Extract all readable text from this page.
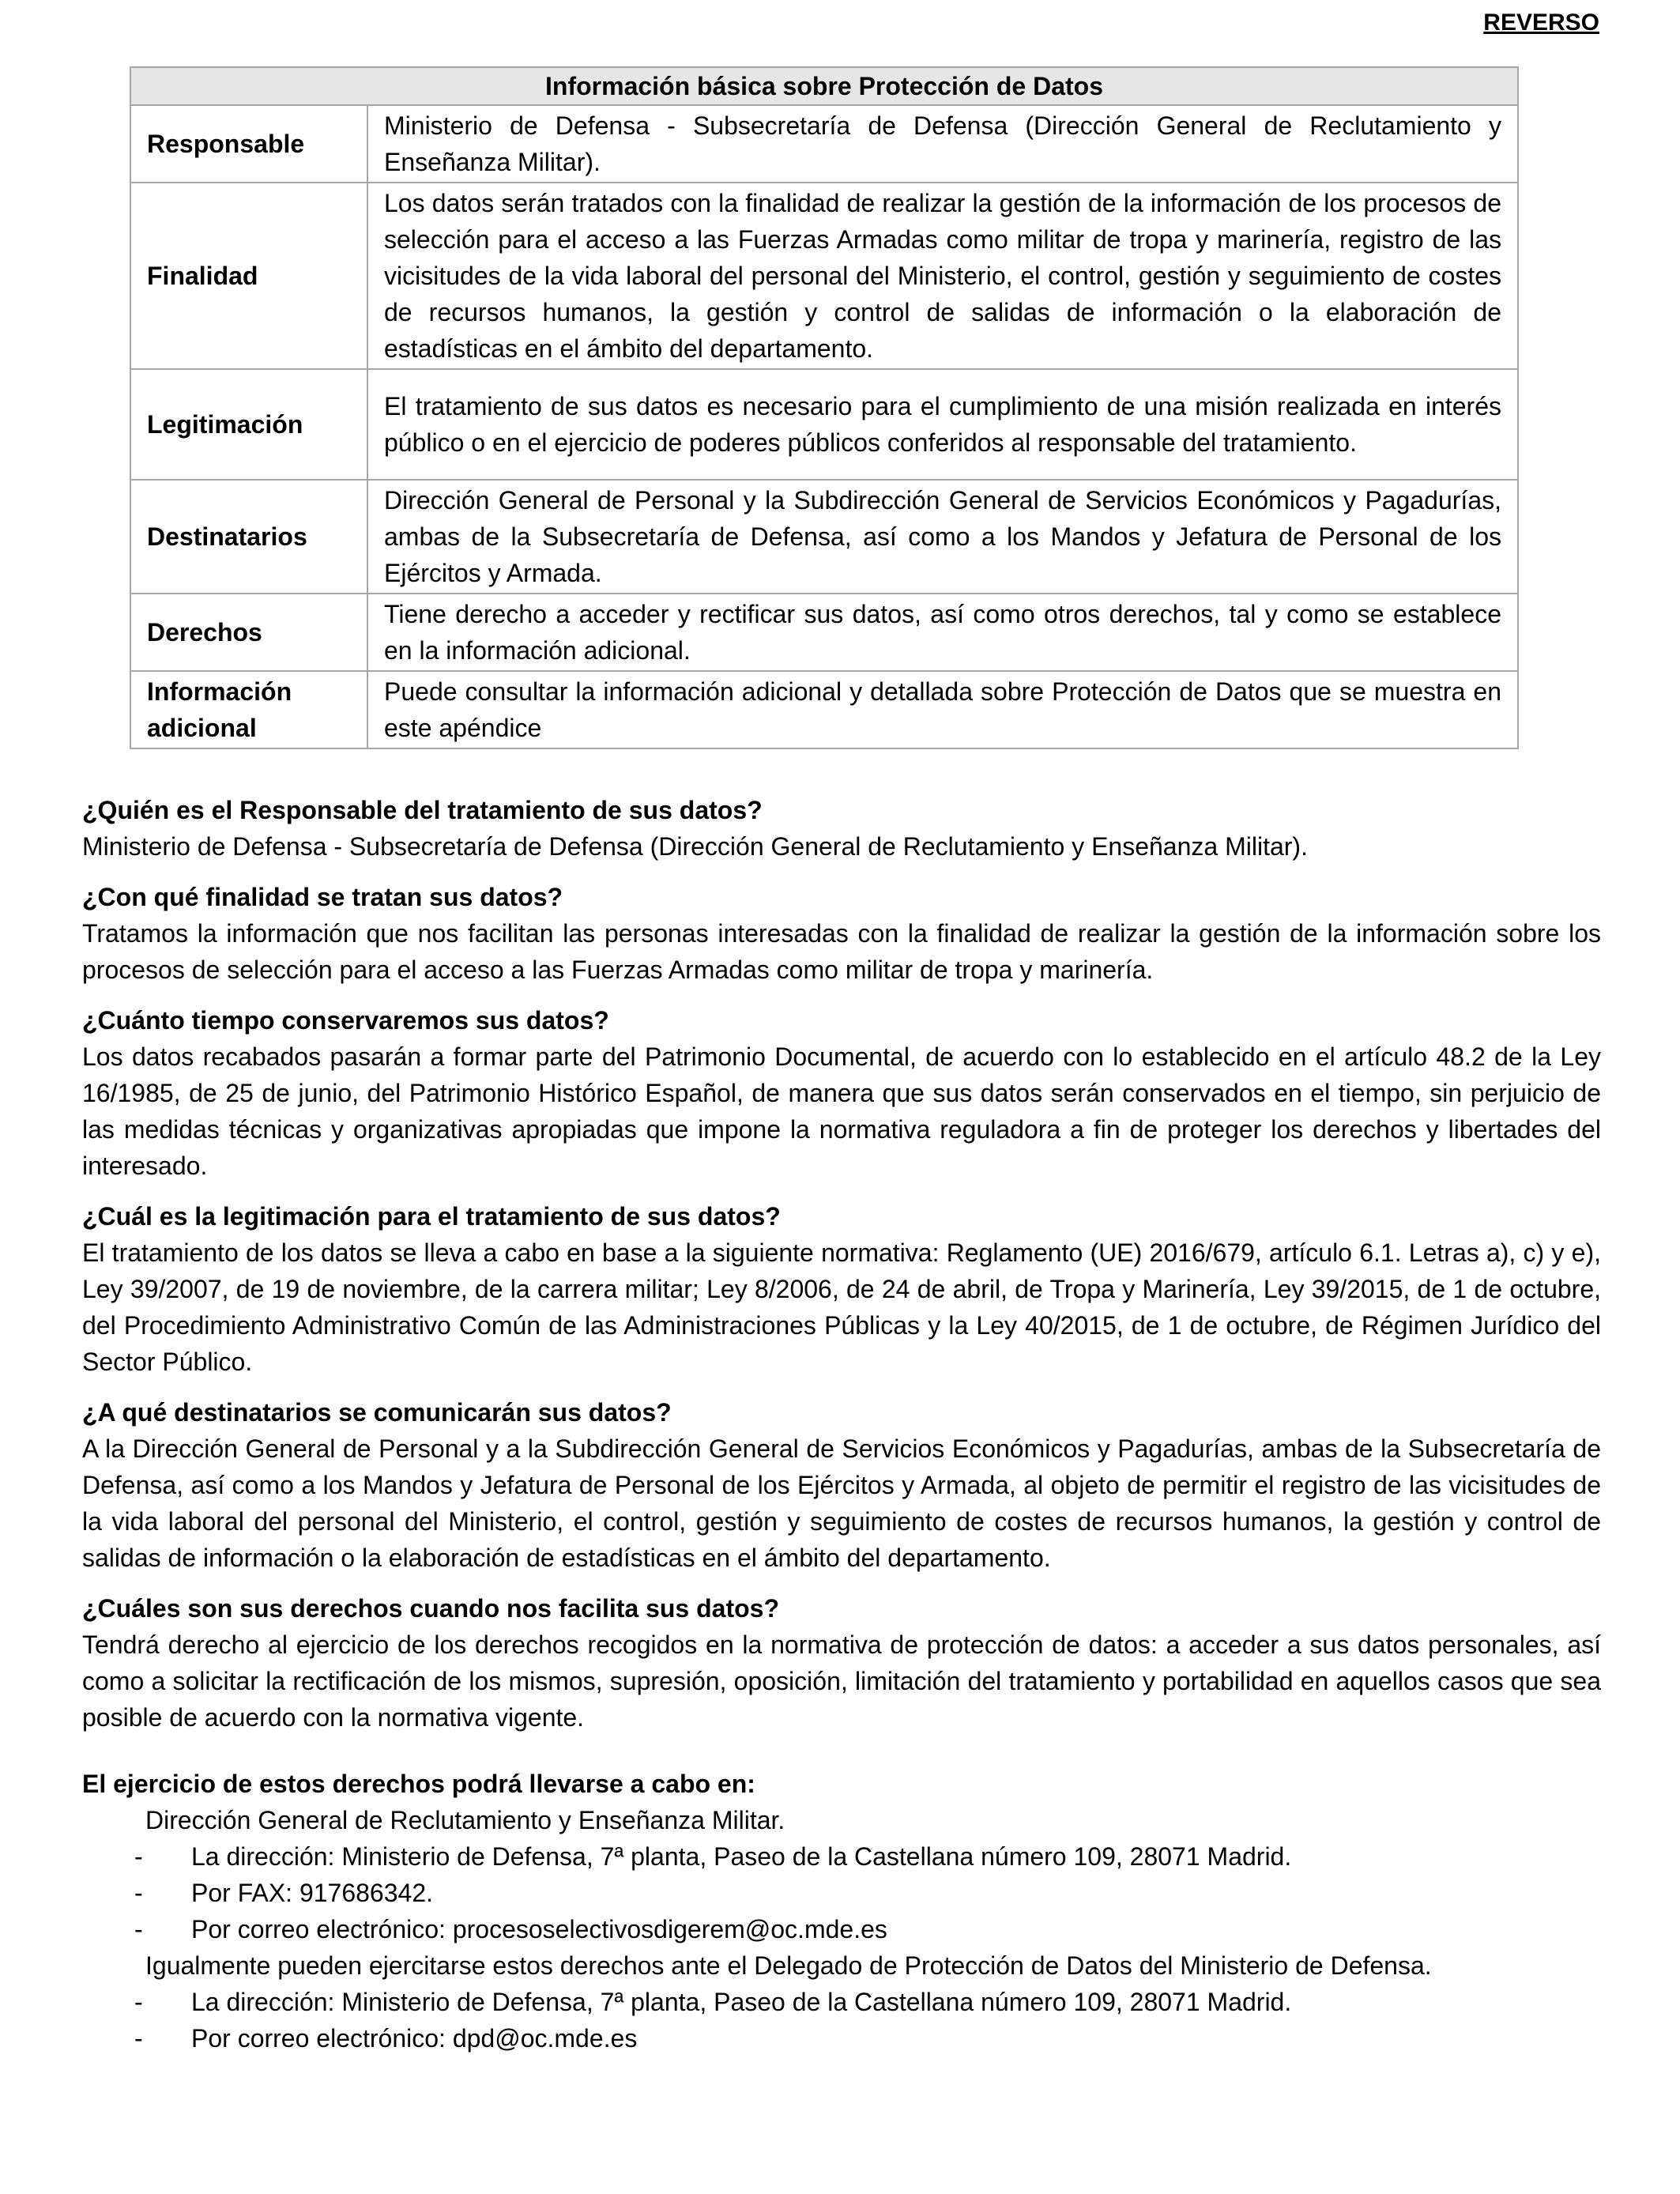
REVERSO
Información básica sobre Protección de Datos	
Responsable	Ministerio de Defensa - Subsecretaría de Defensa (Dirección General de Reclutamiento y Enseñanza Militar).
Finalidad	Los datos serán tratados con la finalidad de realizar la gestión de la información de los procesos de selección para el acceso a las Fuerzas Armadas como militar de tropa y marinería, registro de las vicisitudes de la vida laboral del personal del Ministerio, el control, gestión y seguimiento de costes de recursos humanos, la gestión y control de salidas de información o la elaboración de estadísticas en el ámbito del departamento.
Legitimación	El tratamiento de sus datos es necesario para el cumplimiento de una misión realizada en interés público o en el ejercicio de poderes públicos conferidos al responsable del tratamiento.
Destinatarios	Dirección General de Personal y la Subdirección General de Servicios Económicos y Pagadurías, ambas de la Subsecretaría de Defensa, así como a los Mandos y Jefatura de Personal de los Ejércitos y Armada.
Derechos	Tiene derecho a acceder y rectificar sus datos, así como otros derechos, tal y como se establece en la información adicional.
Información adicional	Puede consultar la información adicional y detallada sobre Protección de Datos que se muestra en este apéndice
¿Quién es el Responsable del tratamiento de sus datos?

Ministerio de Defensa - Subsecretaría de Defensa (Dirección General de Reclutamiento y Enseñanza Militar).

¿Con qué finalidad se tratan sus datos?

Tratamos la información que nos facilitan las personas interesadas con la finalidad de realizar la gestión de la información sobre los procesos de selección para el acceso a las Fuerzas Armadas como militar de tropa y marinería.

¿Cuánto tiempo conservaremos sus datos?

Los datos recabados pasarán a formar parte del Patrimonio Documental, de acuerdo con lo establecido en el artículo 48.2 de la Ley 16/1985, de 25 de junio, del Patrimonio Histórico Español, de manera que sus datos serán conservados en el tiempo, sin perjuicio de las medidas técnicas y organizativas apropiadas que impone la normativa reguladora a fin de proteger los derechos y libertades del interesado.

¿Cuál es la legitimación para el tratamiento de sus datos?

El tratamiento de los datos se lleva a cabo en base a la siguiente normativa: Reglamento (UE) 2016/679, artículo 6.1. Letras a), c) y e), Ley 39/2007, de 19 de noviembre, de la carrera militar; Ley 8/2006, de 24 de abril, de Tropa y Marinería, Ley 39/2015, de 1 de octubre, del Procedimiento Administrativo Común de las Administraciones Públicas y la Ley 40/2015, de 1 de octubre, de Régimen Jurídico del Sector Público.

¿A qué destinatarios se comunicarán sus datos?

A la Dirección General de Personal y a la Subdirección General de Servicios Económicos y Pagadurías, ambas de la Subsecretaría de Defensa, así como a los Mandos y Jefatura de Personal de los Ejércitos y Armada, al objeto de permitir el registro de las vicisitudes de la vida laboral del personal del Ministerio, el control, gestión y seguimiento de costes de recursos humanos, la gestión y control de salidas de información o la elaboración de estadísticas en el ámbito del departamento.

¿Cuáles son sus derechos cuando nos facilita sus datos?

Tendrá derecho al ejercicio de los derechos recogidos en la normativa de protección de datos: a acceder a sus datos personales, así como a solicitar la rectificación de los mismos, supresión, oposición, limitación del tratamiento y portabilidad en aquellos casos que sea posible de acuerdo con la normativa vigente.

El ejercicio de estos derechos podrá llevarse a cabo en:

Dirección General de Reclutamiento y Enseñanza Militar.

- La dirección: Ministerio de Defensa, 7ª planta, Paseo de la Castellana número 109, 28071 Madrid.
- Por FAX: 917686342.
- Por correo electrónico: procesoselectivosdigerem@oc.mde.es

Igualmente pueden ejercitarse estos derechos ante el Delegado de Protección de Datos del Ministerio de Defensa.

- La dirección: Ministerio de Defensa, 7ª planta, Paseo de la Castellana número 109, 28071 Madrid.
- Por correo electrónico: dpd@oc.mde.es
